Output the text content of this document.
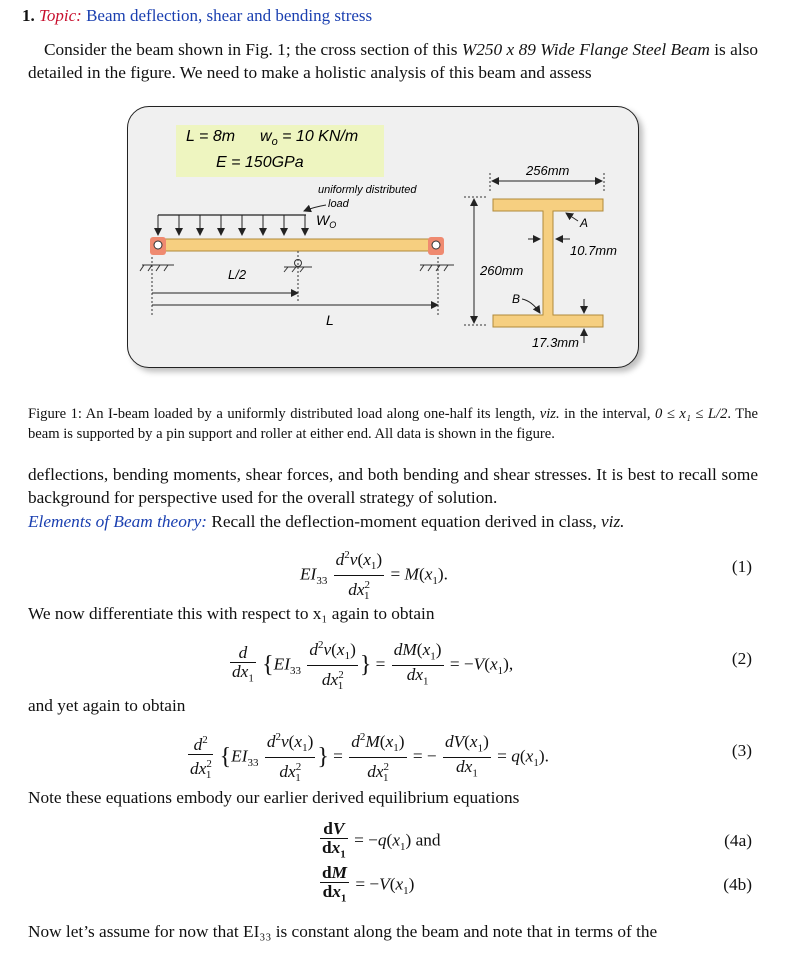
1. Topic: Beam deflection, shear and bending stress
Consider the beam shown in Fig. 1; the cross section of this W250 x 89 Wide Flange Steel Beam is also detailed in the figure. We need to make a holistic analysis of this beam and assess
L = 8m $w_o = 10$ KN/m
E = 150GPa
uniformly distributed
load
$W_O$
L/2
L
260mm
256mm
10.7mm
A
B
17.3mm
Figure 1: An I-beam loaded by a uniformly distributed load along one-half its length, viz. in the interval, 0 ≤ x₁ ≤ L/2. The beam is supported by a pin support and roller at either end. All data is shown in the figure.
deflections, bending moments, shear forces, and both bending and shear stresses. It is best to recall some background for perspective used for the overall strategy of solution.
Elements of Beam theory: Recall the deflection-moment equation derived in class, viz.
$EI_{33} \frac{d^2v(x_1)}{dx^2_1} = M(x_1)$.	(1)
We now differentiate this with respect to x₁ again to obtain
$\frac{d}{dx_1} \{EI_{33} \frac{d^2v(x_1)}{dx^2_1}$ } = $\frac{dM(x_1)}{dx_1} = -V(x_1)$,	(2)
and yet again to obtain
$\frac{d^2}{dx^2_1} \{EI_{33} \frac{d^2v(x_1)}{dx^2_1}$ } = $\frac{d^2M(x_1)}{dx^2_1}$ = − $\frac{dV(x_1)}{dx_1} = q(x_1)$.	(3)
Note these equations embody our earlier derived equilibrium equations
$\frac{dV}{dx_1} = -q(x_1)$ and	(4a)
$\frac{dM}{dx_1} = -V(x_1)$	(4b)
Now let’s assume for now that EI₃₃ is constant along the beam and note that in terms of the
